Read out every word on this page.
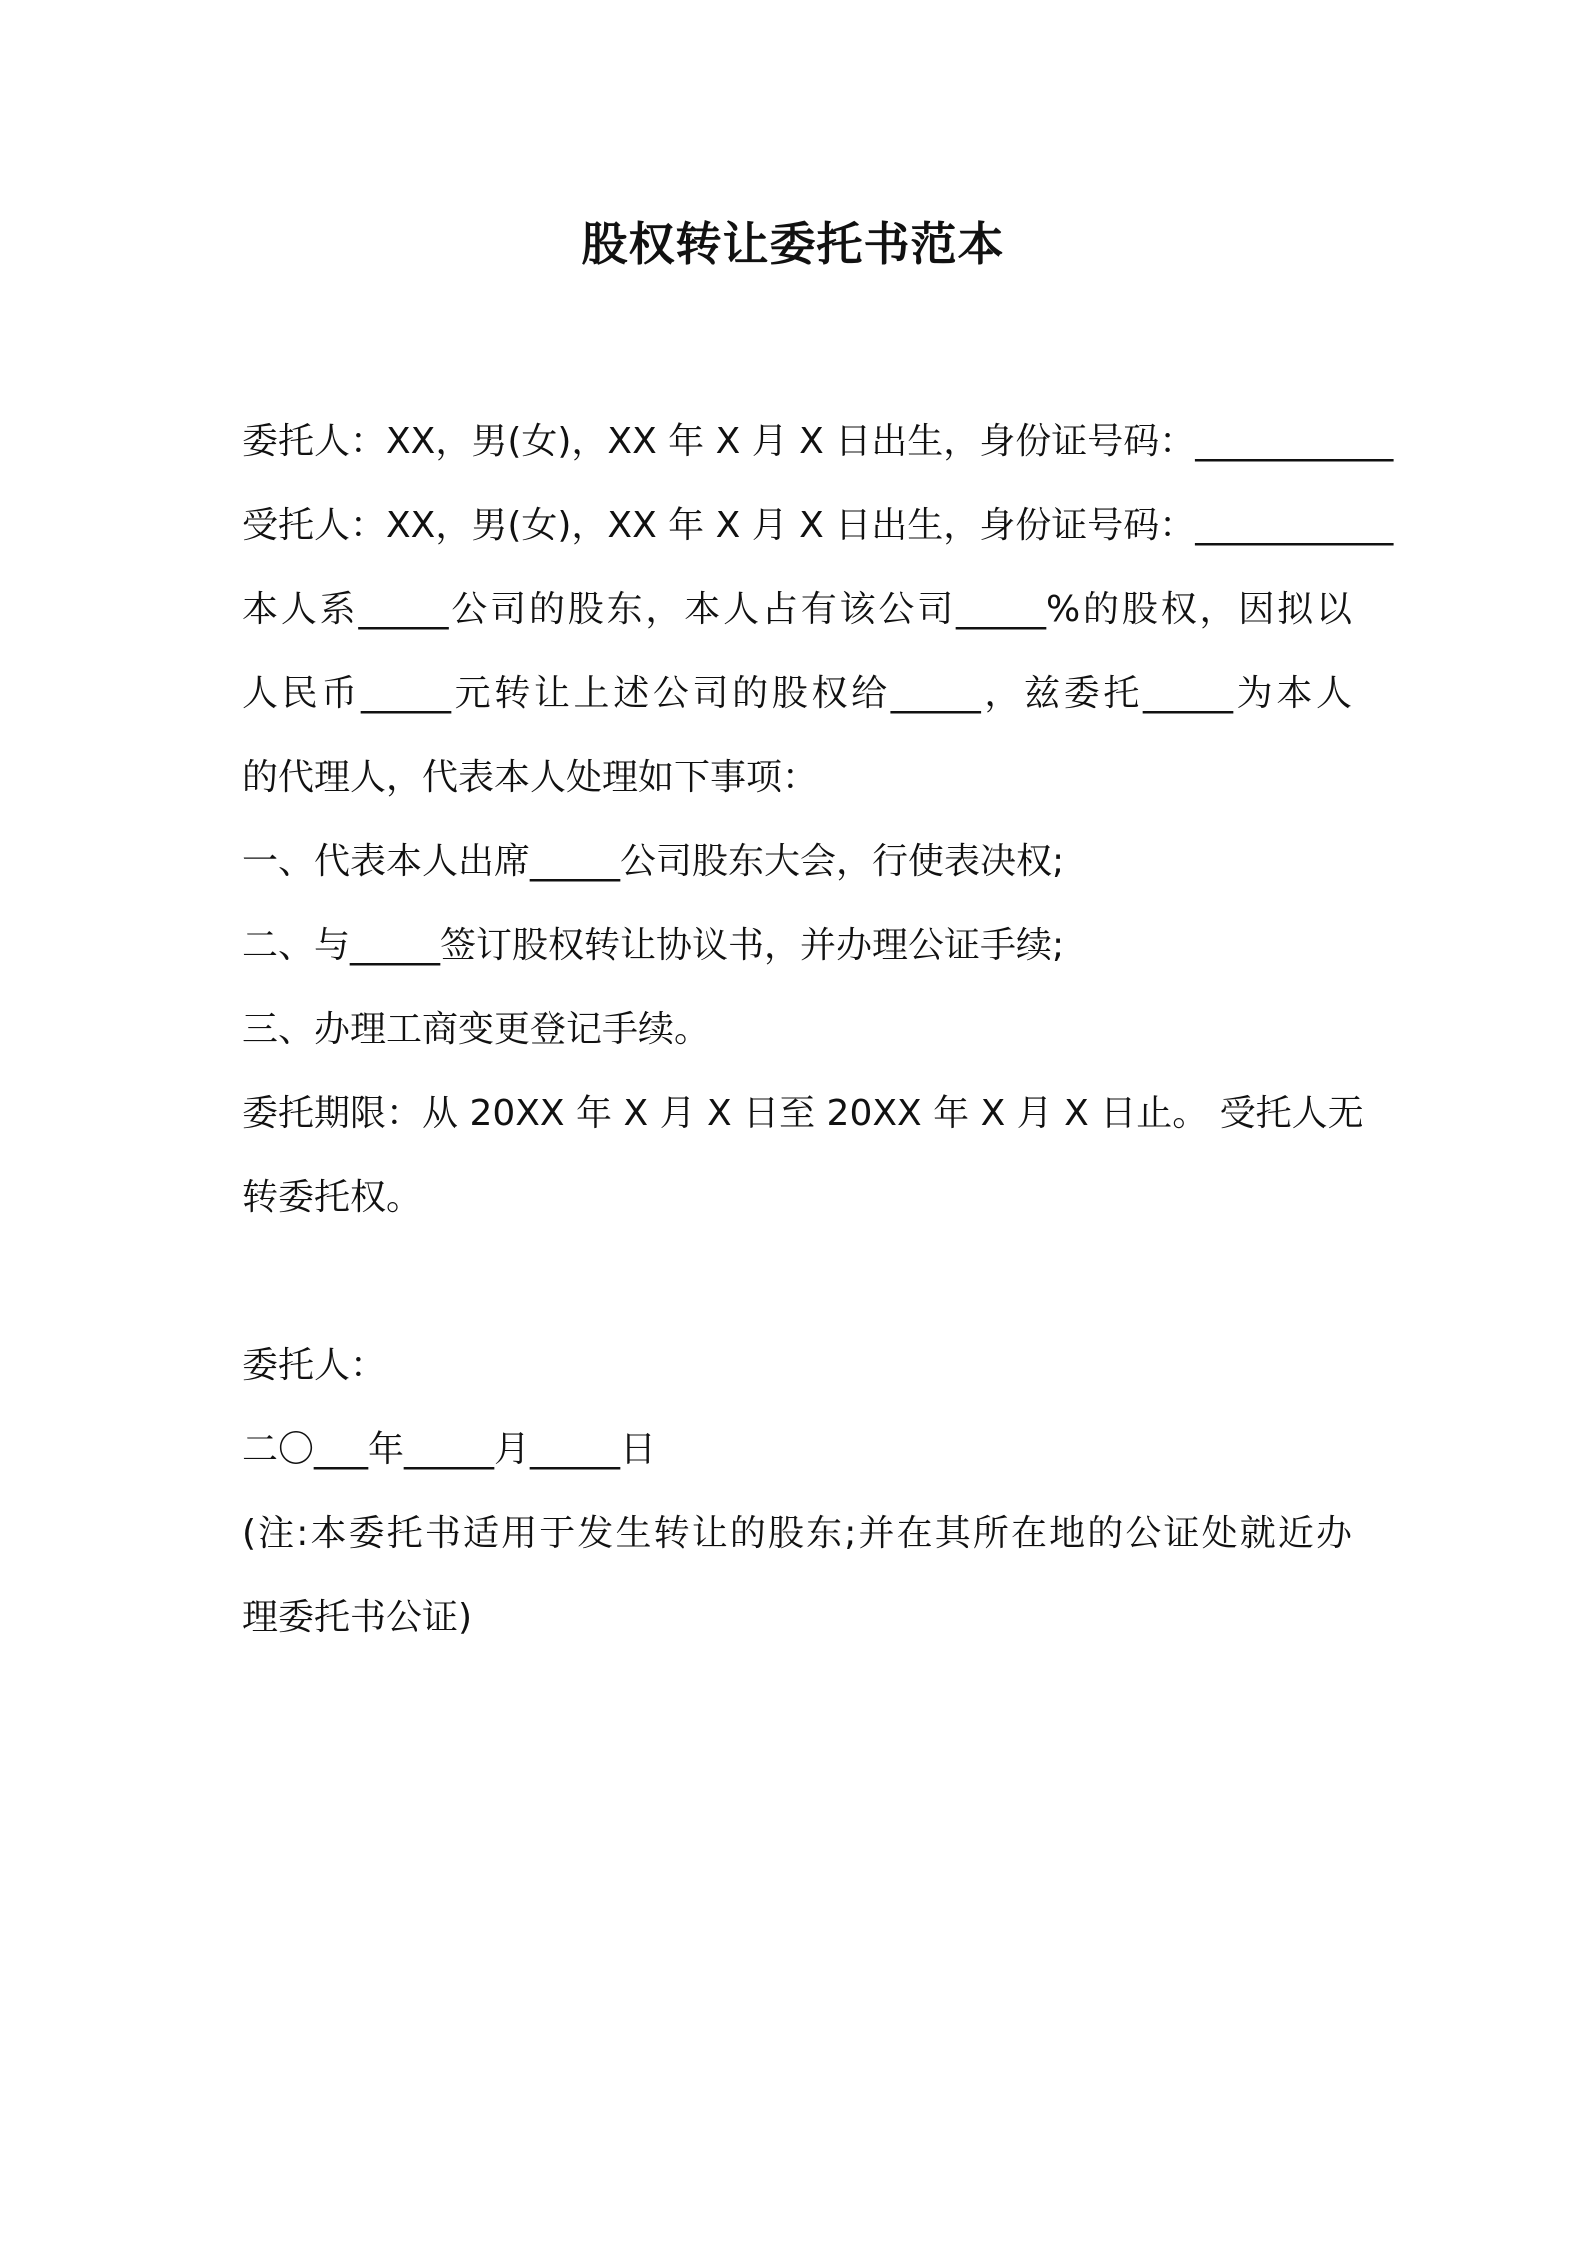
股权转让委托书范本
委托人：XX，男(女)，XX 年 X 月 X 日出生，身份证号码：___________
受托人：XX，男(女)，XX 年 X 月 X 日出生，身份证号码：___________
本人系_____公司的股东，本人占有该公司_____%的股权，因拟以
人民币_____元转让上述公司的股权给_____，兹委托_____为本人
的代理人，代表本人处理如下事项：
一、代表本人出席_____公司股东大会，行使表决权;
二、与_____签订股权转让协议书，并办理公证手续;
三、办理工商变更登记手续。
委托期限：从 20XX 年 X 月 X 日至 20XX 年 X 月 X 日止。 受托人无
转委托权。
委托人：
二〇___年_____月_____日
(注:本委托书适用于发生转让的股东;并在其所在地的公证处就近办
理委托书公证)
